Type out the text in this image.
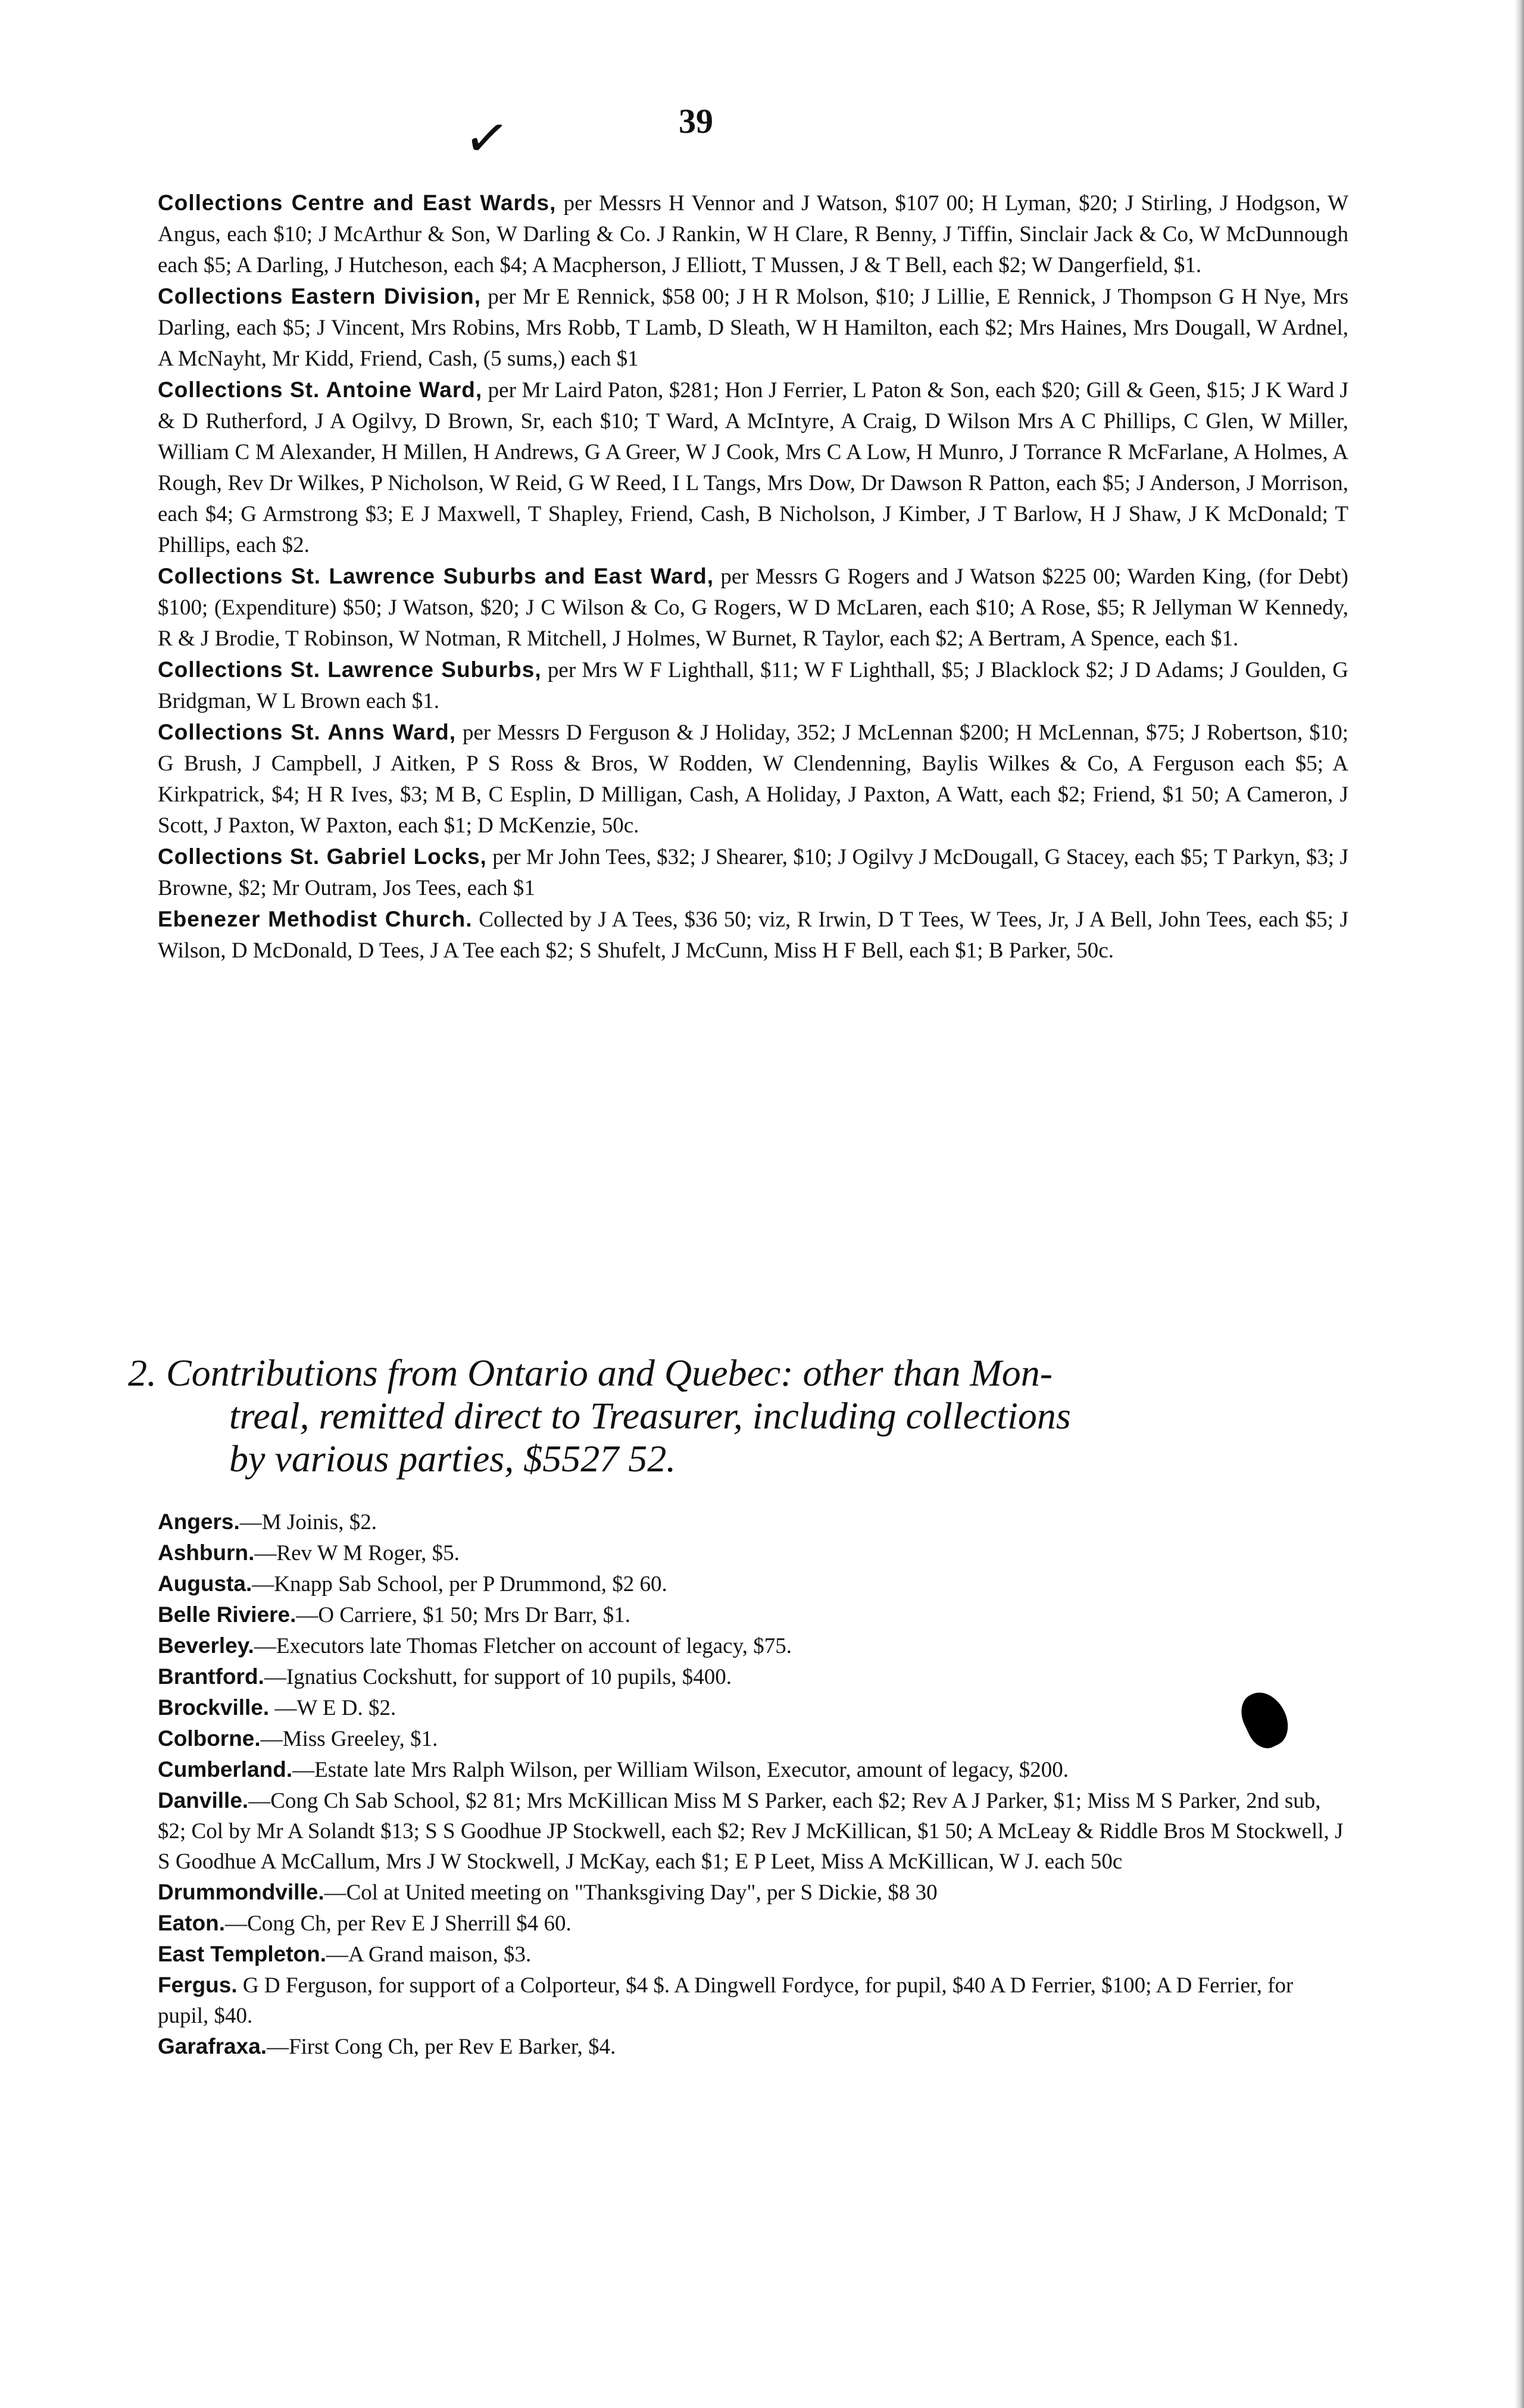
✓	39

Collections Centre and East Wards, per Messrs H Vennor and J Watson, $107 00; H Lyman, $20; J Stirling, J Hodgson, W Angus, each $10; J McArthur & Son, W Darling & Co. J Rankin, W H Clare, R Benny, J Tiffin, Sinclair Jack & Co, W McDunnough each $5; A Darling, J Hutcheson, each $4; A Macpherson, J Elliott, T Mussen, J & T Bell, each $2; W Dangerfield, $1.

Collections Eastern Division, per Mr E Rennick, $58 00; J H R Molson, $10; J Lillie, E Rennick, J Thompson G H Nye, Mrs Darling, each $5; J Vincent, Mrs Robins, Mrs Robb, T Lamb, D Sleath, W H Hamilton, each $2; Mrs Haines, Mrs Dougall, W Ardnel, A McNayht, Mr Kidd, Friend, Cash, (5 sums,) each $1

Collections St. Antoine Ward, per Mr Laird Paton, $281; Hon J Ferrier, L Paton & Son, each $20; Gill & Geen, $15; J K Ward J & D Rutherford, J A Ogilvy, D Brown, Sr, each $10; T Ward, A McIntyre, A Craig, D Wilson Mrs A C Phillips, C Glen, W Miller, William C M Alexander, H Millen, H Andrews, G A Greer, W J Cook, Mrs C A Low, H Munro, J Torrance R McFarlane, A Holmes, A Rough, Rev Dr Wilkes, P Nicholson, W Reid, G W Reed, I L Tangs, Mrs Dow, Dr Dawson R Patton, each $5; J Anderson, J Morrison, each $4; G Armstrong $3; E J Maxwell, T Shapley, Friend, Cash, B Nicholson, J Kimber, J T Barlow, H J Shaw, J K McDonald; T Phillips, each $2.

Collections St. Lawrence Suburbs and East Ward, per Messrs G Rogers and J Watson $225 00; Warden King, (for Debt) $100; (Expenditure) $50; J Watson, $20; J C Wilson & Co, G Rogers, W D McLaren, each $10; A Rose, $5; R Jellyman W Kennedy, R & J Brodie, T Robinson, W Notman, R Mitchell, J Holmes, W Burnet, R Taylor, each $2; A Bertram, A Spence, each $1.

Collections St. Lawrence Suburbs, per Mrs W F Lighthall, $11; W F Lighthall, $5; J Blacklock $2; J D Adams; J Goulden, G Bridgman, W L Brown each $1.

Collections St. Anns Ward, per Messrs D Ferguson & J Holiday, 352; J McLennan $200; H McLennan, $75; J Robertson, $10; G Brush, J Campbell, J Aitken, P S Ross & Bros, W Rodden, W Clendenning, Baylis Wilkes & Co, A Ferguson each $5; A Kirkpatrick, $4; H R Ives, $3; M B, C Esplin, D Milligan, Cash, A Holiday, J Paxton, A Watt, each $2; Friend, $1 50; A Cameron, J Scott, J Paxton, W Paxton, each $1; D McKenzie, 50c.

Collections St. Gabriel Locks, per Mr John Tees, $32; J Shearer, $10; J Ogilvy J McDougall, G Stacey, each $5; T Parkyn, $3; J Browne, $2; Mr Outram, Jos Tees, each $1

Ebenezer Methodist Church. Collected by J A Tees, $36 50; viz, R Irwin, D T Tees, W Tees, Jr, J A Bell, John Tees, each $5; J Wilson, D McDonald, D Tees, J A Tee each $2; S Shufelt, J McCunn, Miss H F Bell, each $1; B Parker, 50c.

2. Contributions from Ontario and Quebec: other than Mon-
treal, remitted direct to Treasurer, including collections
by various parties, $5527 52.

Angers.—M Joinis, $2.

Ashburn.—Rev W M Roger, $5.

Augusta.—Knapp Sab School, per P Drummond, $2 60.

Belle Riviere.—O Carriere, $1 50; Mrs Dr Barr, $1.

Beverley.—Executors late Thomas Fletcher on account of legacy, $75.

Brantford.—Ignatius Cockshutt, for support of 10 pupils, $400.

Brockville. —W E D. $2.

Colborne.—Miss Greeley, $1.

Cumberland.—Estate late Mrs Ralph Wilson, per William Wilson, Executor, amount of legacy, $200.

Danville.—Cong Ch Sab School, $2 81; Mrs McKillican Miss M S Parker, each $2; Rev A J Parker, $1; Miss M S Parker, 2nd sub, $2; Col by Mr A Solandt $13; S S Goodhue JP Stockwell, each $2; Rev J McKillican, $1 50; A McLeay & Riddle Bros M Stockwell, J S Goodhue A McCallum, Mrs J W Stockwell, J McKay, each $1; E P Leet, Miss A McKillican, W J. each 50c

Drummondville.—Col at United meeting on "Thanksgiving Day", per S Dickie, $8 30

Eaton.—Cong Ch, per Rev E J Sherrill $4 60.

East Templeton.—A Grand maison, $3.

Fergus. G D Ferguson, for support of a Colporteur, $4 $. A Dingwell Fordyce, for pupil, $40 A D Ferrier, $100; A D Ferrier, for pupil, $40.

Garafraxa.—First Cong Ch, per Rev E Barker, $4.
